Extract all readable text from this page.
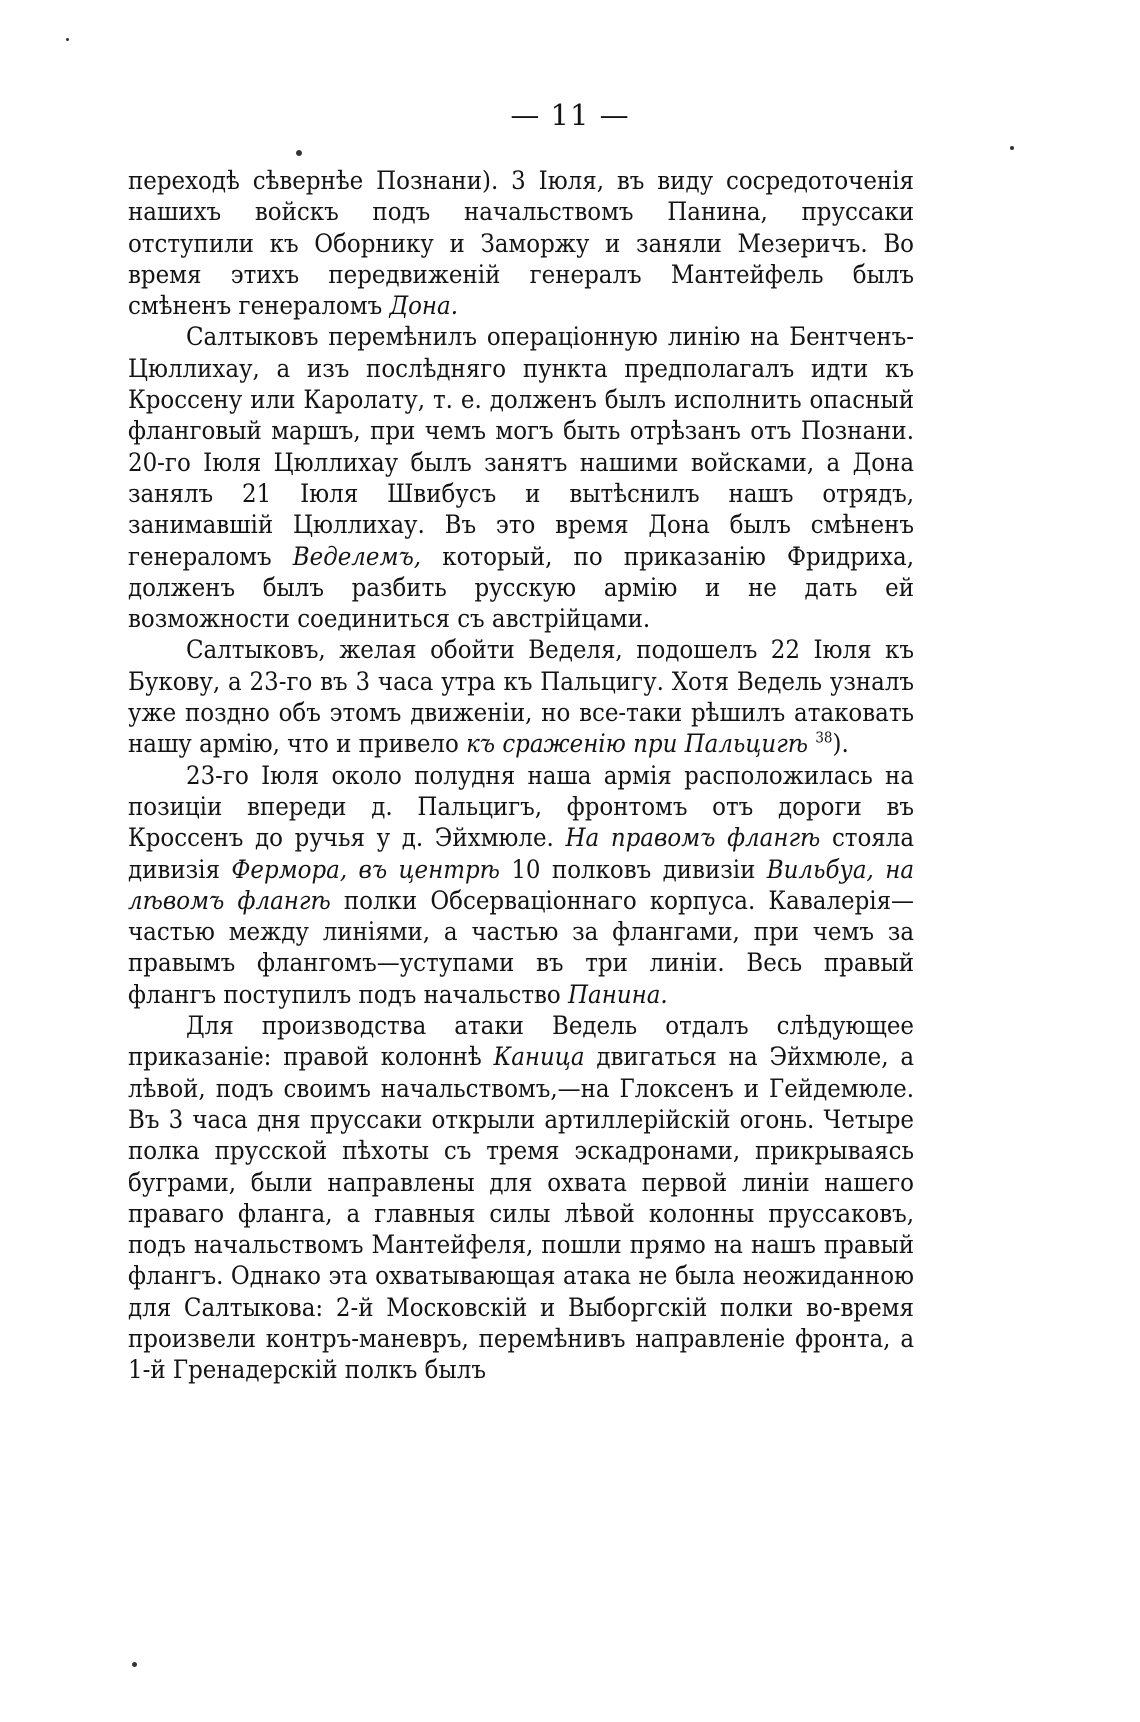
— 11 —

переходѣ сѣвернѣе Познани). 3 Іюля, въ виду сосредоточенія нашихъ войскъ подъ начальствомъ Панина, пруссаки отступили къ Оборнику и Заморжу и заняли Мезеричъ. Во время этихъ передвиженій генералъ Мантейфель былъ смѣненъ генераломъ Дона.

Салтыковъ перемѣнилъ операціонную линію на Бентченъ-Цюллихау, а изъ послѣдняго пункта предполагалъ идти къ Кроссену или Каролату, т. е. долженъ былъ исполнить опасный фланговый маршъ, при чемъ могъ быть отрѣзанъ отъ Познани. 20-го Іюля Цюллихау былъ занятъ нашими войсками, а Дона занялъ 21 Іюля Швибусъ и вытѣснилъ нашъ отрядъ, занимавшій Цюллихау. Въ это время Дона былъ смѣненъ генераломъ Веделемъ, который, по приказанію Фридриха, долженъ былъ разбить русскую армію и не дать ей возможности соединиться съ австрійцами.

Салтыковъ, желая обойти Веделя, подошелъ 22 Іюля къ Букову, а 23-го въ 3 часа утра къ Пальцигу. Хотя Ведель узналъ уже поздно объ этомъ движеніи, но все-таки рѣшилъ атаковать нашу армію, что и привело къ сраженію при Пальцигѣ $^{38}$).

23-го Іюля около полудня наша армія расположилась на позиціи впереди д. Пальцигъ, фронтомъ отъ дороги въ Кроссенъ до ручья у д. Эйхмюле. На правомъ флангѣ стояла дивизія Фермора, въ центрѣ 10 полковъ дивизіи Вильбуа, на лѣвомъ флангѣ полки Обсерваціоннаго корпуса. Кавалерія—частью между линіями, а частью за флангами, при чемъ за правымъ флангомъ—уступами въ три линіи. Весь правый флангъ поступилъ подъ начальство Панина.

Для производства атаки Ведель отдалъ слѣдующее приказаніе: правой колоннѣ Каница двигаться на Эйхмюле, а лѣвой, подъ своимъ начальствомъ,—на Глоксенъ и Гейдемюле. Въ 3 часа дня пруссаки открыли артиллерійскій огонь. Четыре полка прусской пѣхоты съ тремя эскадронами, прикрываясь буграми, были направлены для охвата первой линіи нашего праваго фланга, а главныя силы лѣвой колонны пруссаковъ, подъ начальствомъ Мантейфеля, пошли прямо на нашъ правый флангъ. Однако эта охватывающая атака не была неожиданною для Салтыкова: 2-й Московскій и Выборгскій полки во-время произвели контръ-маневръ, перемѣнивъ направленіе фронта, а 1-й Гренадерскій полкъ былъ
